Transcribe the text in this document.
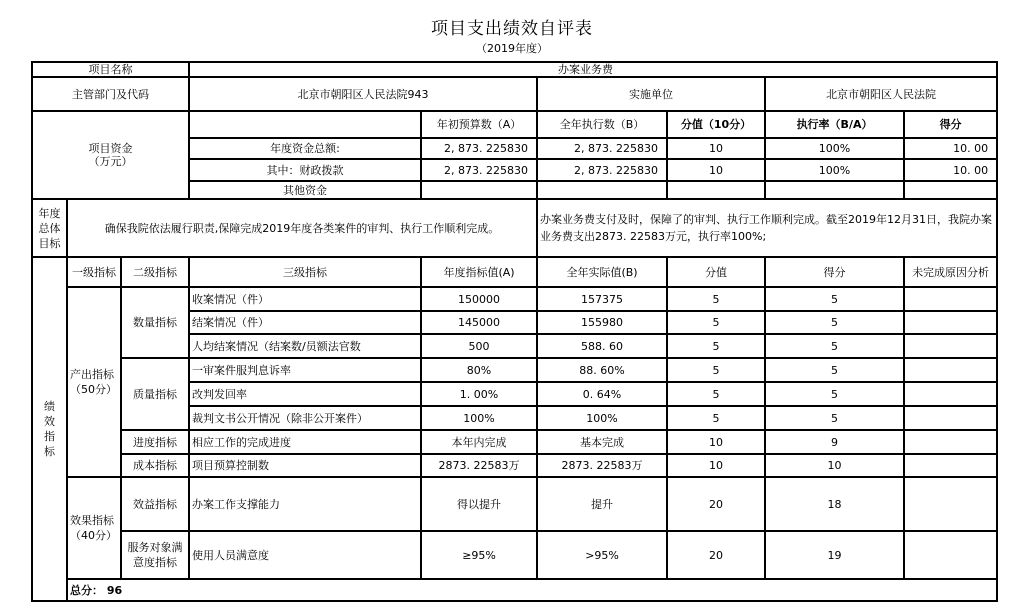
项目支出绩效自评表
（2019年度）
项目名称			办案业务费					
主管部门及代码			北京市朝阳区人民法院943		实施单位		北京市朝阳区人民法院	
项目资金
（万元）				年初预算数（A）	全年执行数（B）	分值（10分）	执行率（B/A）	得分
			年度资金总额:	2, 873. 225830	2, 873. 225830	10	100%	10. 00
			其中：财政拨款	2, 873. 225830	2, 873. 225830	10	100%	10. 00
			其他资金					
年度总体目标	确保我院依法履行职责,保障完成2019年度各类案件的审判、执行工作顺利完成。				办案业务费支付及时，保障了的审判、执行工作顺利完成。截至2019年12月31日，我院办案业务费支出2873. 22583万元，执行率100%;			
绩效指标	一级指标	二级指标	三级指标	年度指标值(A)	全年实际值(B)	分值	得分	未完成原因分析
	产出指标（50分）	数量指标	收案情况（件）	150000	157375	5	5	
			结案情况（件）	145000	155980	5	5	
			人均结案情况（结案数/员额法官数	500	588. 60	5	5	
		质量指标	一审案件服判息诉率	80%	88. 60%	5	5	
			改判发回率	1. 00%	0. 64%	5	5	
			裁判文书公开情况（除非公开案件）	100%	100%	5	5	
		进度指标	相应工作的完成进度	本年内完成	基本完成	10	9	
		成本指标	项目预算控制数	2873. 22583万	2873. 22583万	10	10	
	效果指标（40分）	效益指标	办案工作支撑能力	得以提升	提升	20	18	
		服务对象满意度指标	使用人员满意度	≥95%	>95%	20	19	
	总分： 96							
